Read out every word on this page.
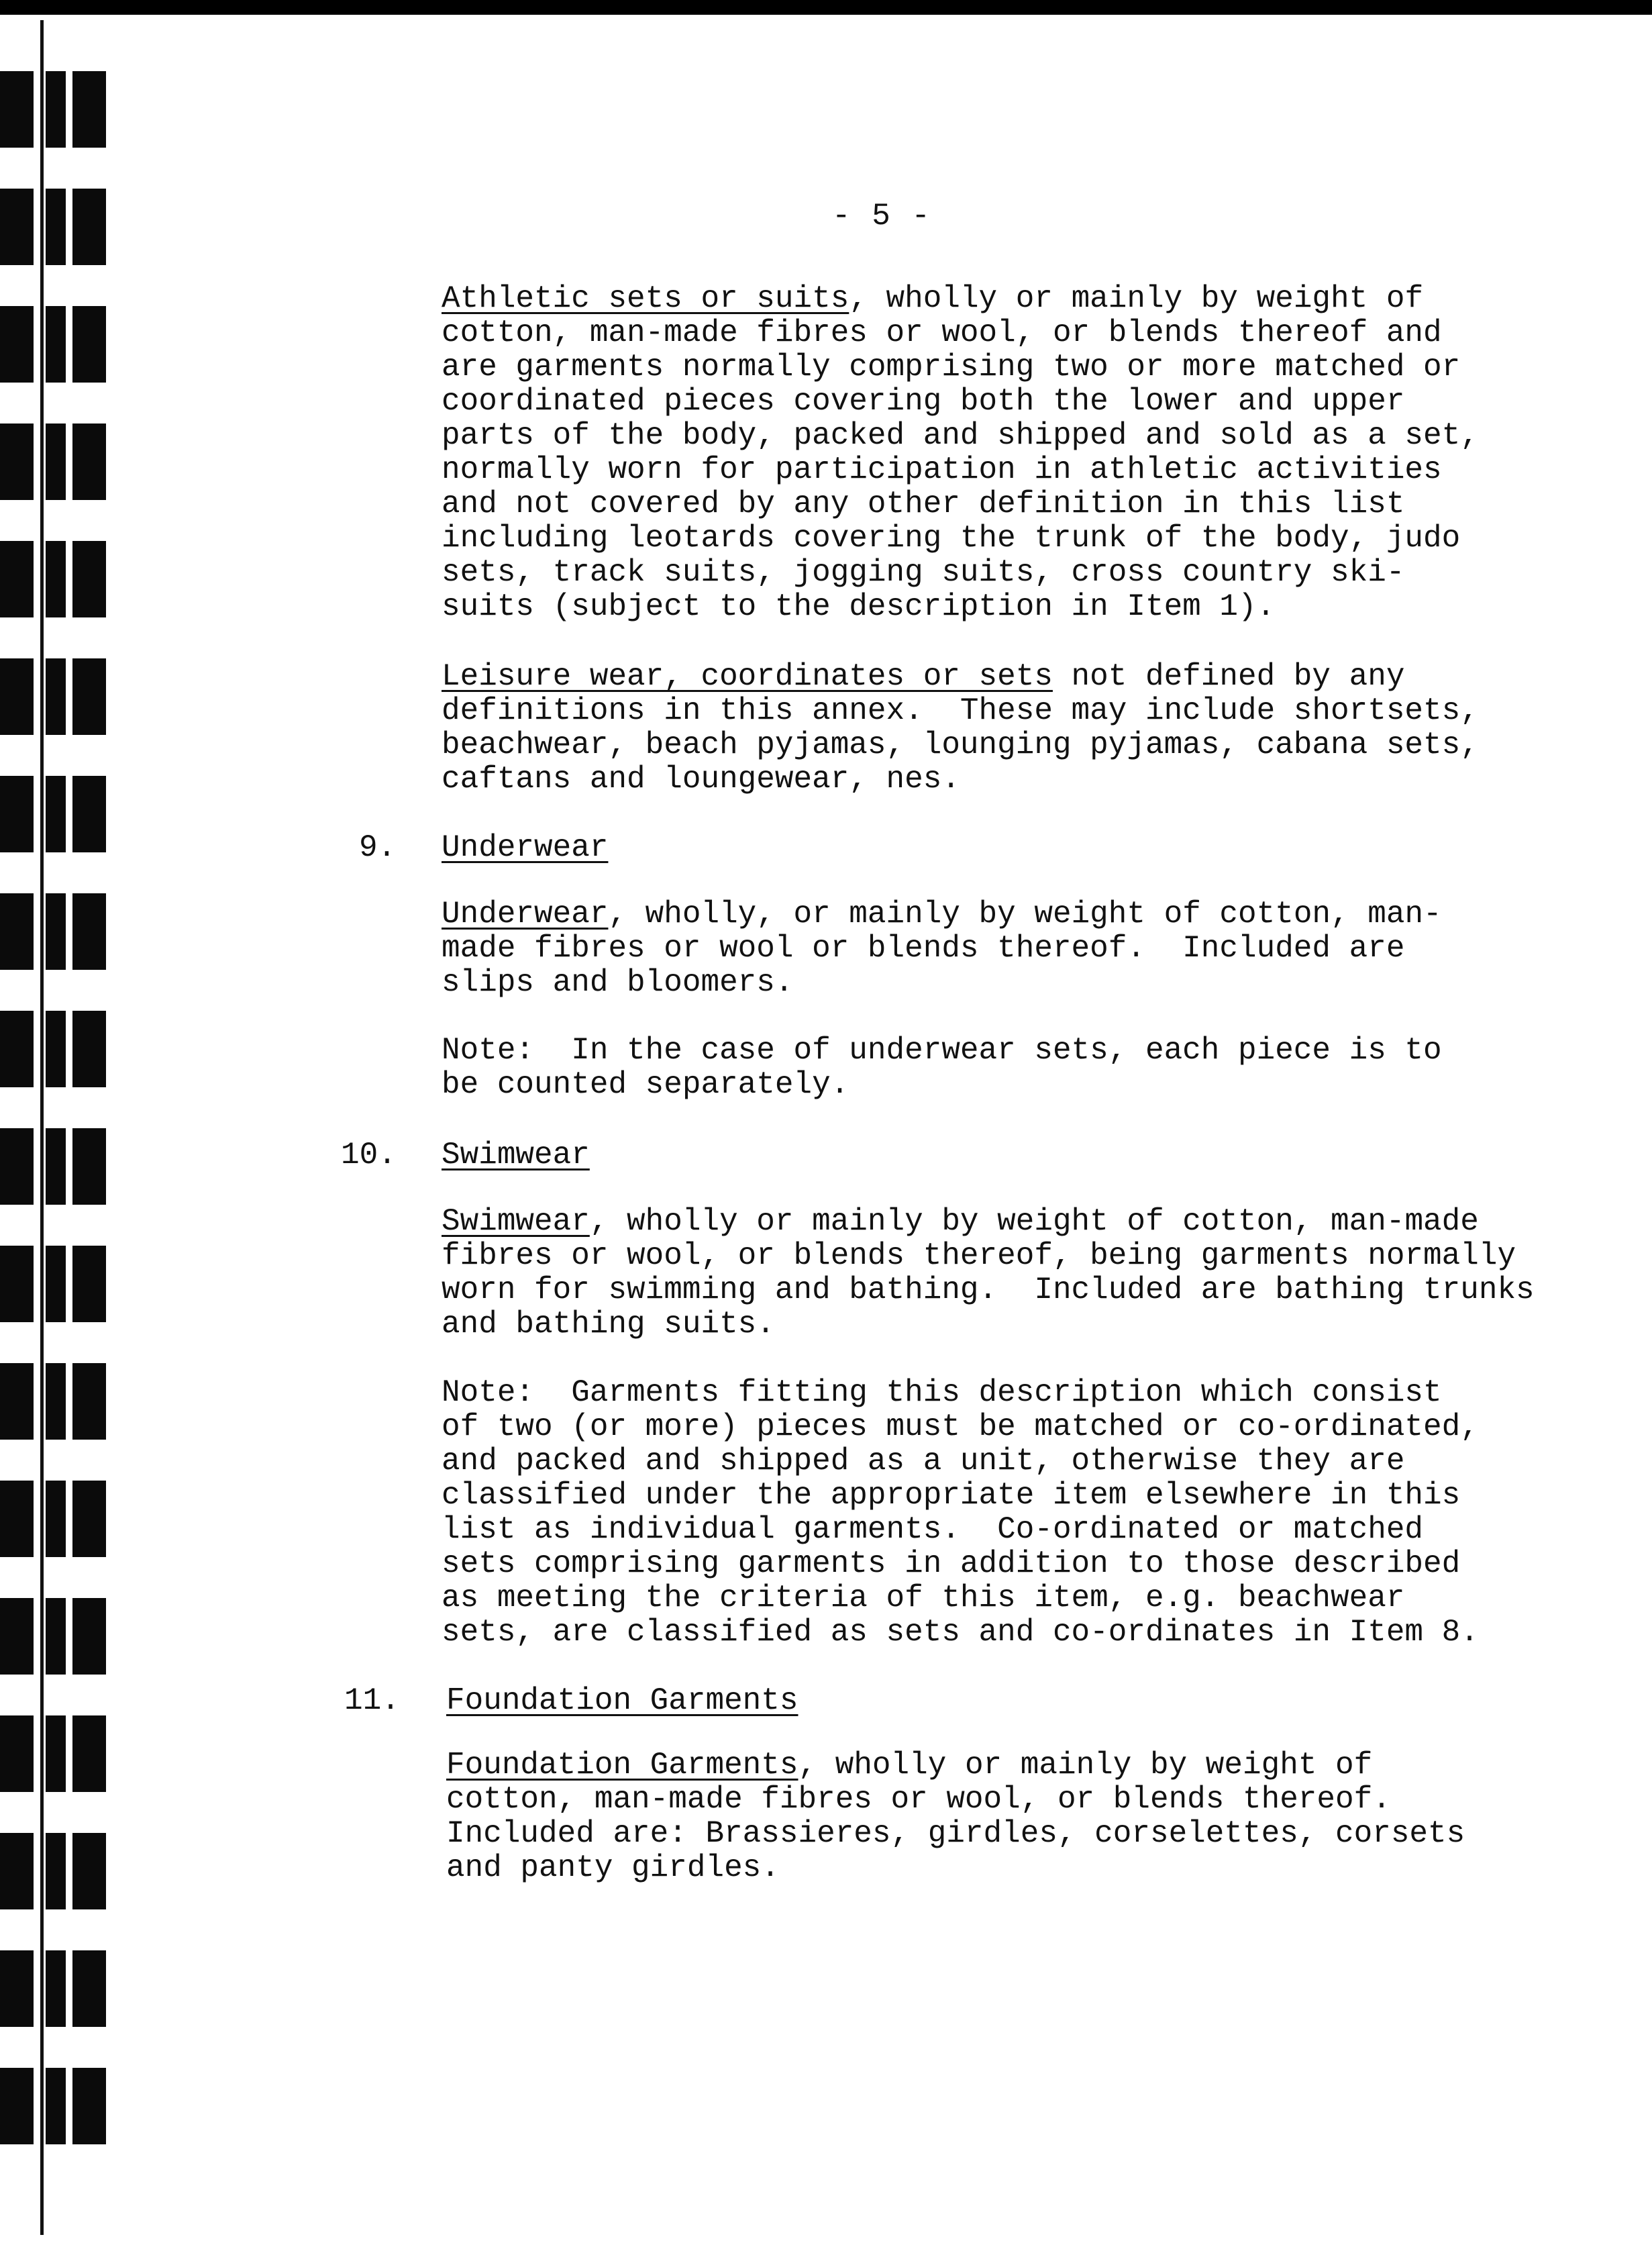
- 5 -
Athletic sets or suits, wholly or mainly by weight of
cotton, man-made fibres or wool, or blends thereof and
are garments normally comprising two or more matched or
coordinated pieces covering both the lower and upper
parts of the body, packed and shipped and sold as a set,
normally worn for participation in athletic activities
and not covered by any other definition in this list
including leotards covering the trunk of the body, judo
sets, track suits, jogging suits, cross country ski-
suits (subject to the description in Item 1).
Leisure wear, coordinates or sets not defined by any
definitions in this annex.  These may include shortsets,
beachwear, beach pyjamas, lounging pyjamas, cabana sets,
caftans and loungewear, nes.
9. Underwear
Underwear, wholly, or mainly by weight of cotton, man-
made fibres or wool or blends thereof.  Included are
slips and bloomers.
Note:  In the case of underwear sets, each piece is to
be counted separately.
10. Swimwear
Swimwear, wholly or mainly by weight of cotton, man-made
fibres or wool, or blends thereof, being garments normally
worn for swimming and bathing.  Included are bathing trunks
and bathing suits.
Note:  Garments fitting this description which consist
of two (or more) pieces must be matched or co-ordinated,
and packed and shipped as a unit, otherwise they are
classified under the appropriate item elsewhere in this
list as individual garments.  Co-ordinated or matched
sets comprising garments in addition to those described
as meeting the criteria of this item, e.g. beachwear
sets, are classified as sets and co-ordinates in Item 8.
11. Foundation Garments
Foundation Garments, wholly or mainly by weight of
cotton, man-made fibres or wool, or blends thereof.
Included are: Brassieres, girdles, corselettes, corsets
and panty girdles.
